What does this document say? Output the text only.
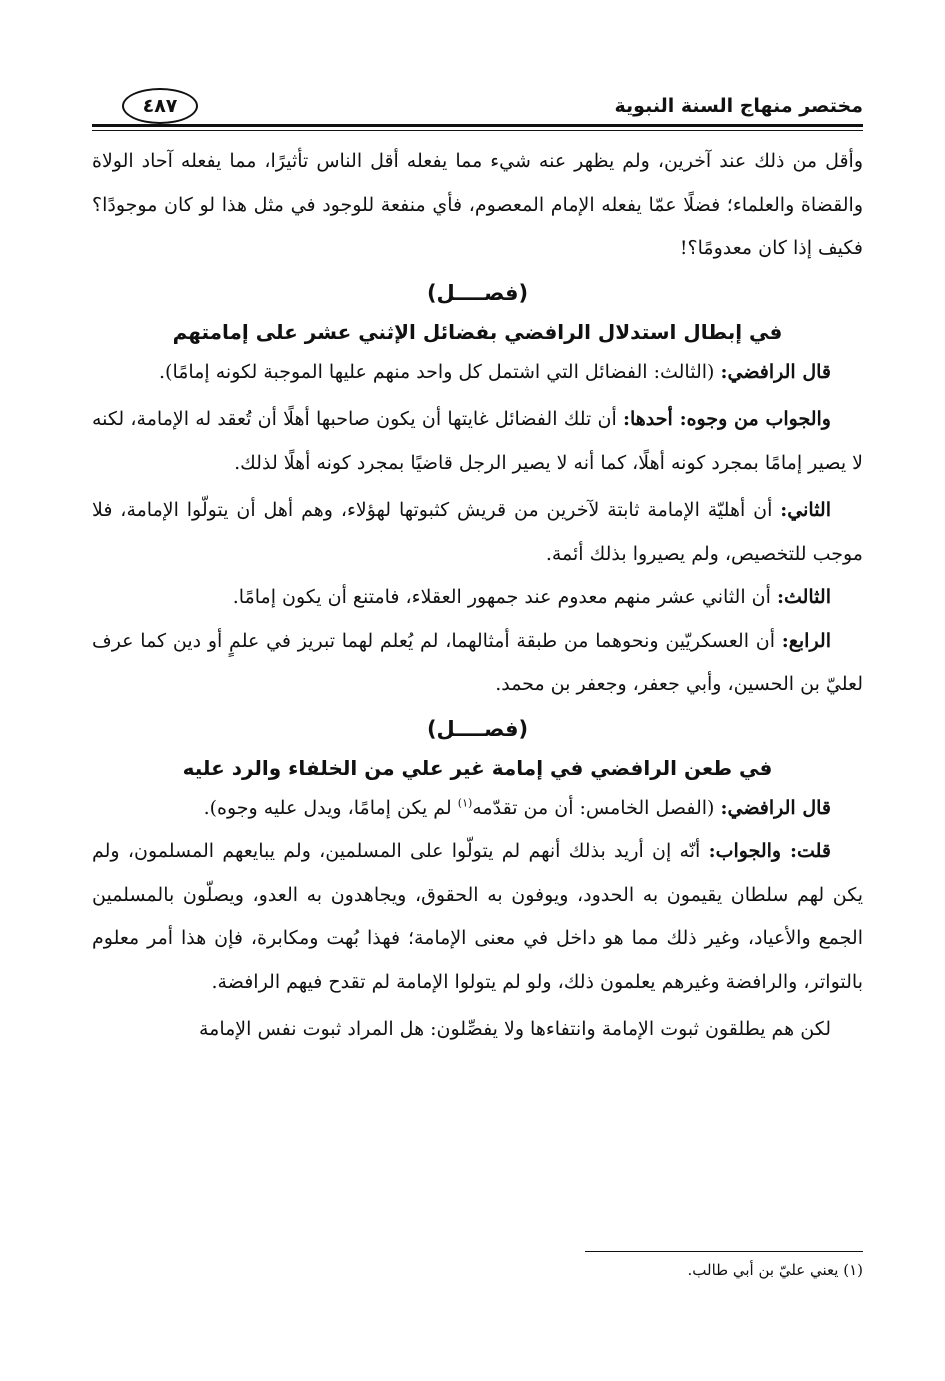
مختصر منهاج السنة النبوية
٤٨٧

وأقل من ذلك عند آخرين، ولم يظهر عنه شيء مما يفعله أقل الناس تأثيرًا، مما يفعله آحاد الولاة والقضاة والعلماء؛ فضلًا عمّا يفعله الإمام المعصوم، فأي منفعة للوجود في مثل هذا لو كان موجودًا؟ فكيف إذا كان معدومًا؟!

(فصــــل)
في إبطال استدلال الرافضي بفضائل الإثني عشر على إمامتهم

قال الرافضي: (الثالث: الفضائل التي اشتمل كل واحد منهم عليها الموجبة لكونه إمامًا).

والجواب من وجوه: أحدها: أن تلك الفضائل غايتها أن يكون صاحبها أهلًا أن تُعقد له الإمامة، لكنه لا يصير إمامًا بمجرد كونه أهلًا، كما أنه لا يصير الرجل قاضيًا بمجرد كونه أهلًا لذلك.

الثاني: أن أهليّة الإمامة ثابتة لآخرين من قريش كثبوتها لهؤلاء، وهم أهل أن يتولّوا الإمامة، فلا موجب للتخصيص، ولم يصيروا بذلك أئمة.

الثالث: أن الثاني عشر منهم معدوم عند جمهور العقلاء، فامتنع أن يكون إمامًا.

الرابع: أن العسكريّين ونحوهما من طبقة أمثالهما، لم يُعلم لهما تبريز في علمٍ أو دين كما عرف لعليّ بن الحسين، وأبي جعفر، وجعفر بن محمد.

(فصــــل)
في طعن الرافضي في إمامة غير علي من الخلفاء والرد عليه

قال الرافضي: (الفصل الخامس: أن من تقدّمه$^{(١)}$ لم يكن إمامًا، ويدل عليه وجوه).

قلت: والجواب: أنّه إن أريد بذلك أنهم لم يتولّوا على المسلمين، ولم يبايعهم المسلمون، ولم يكن لهم سلطان يقيمون به الحدود، ويوفون به الحقوق، ويجاهدون به العدو، ويصلّون بالمسلمين الجمع والأعياد، وغير ذلك مما هو داخل في معنى الإمامة؛ فهذا بُهت ومكابرة، فإن هذا أمر معلوم بالتواتر، والرافضة وغيرهم يعلمون ذلك، ولو لم يتولوا الإمامة لم تقدح فيهم الرافضة.

لكن هم يطلقون ثبوت الإمامة وانتفاءها ولا يفصِّلون: هل المراد ثبوت نفس الإمامة

(١) يعني عليّ بن أبي طالب.
